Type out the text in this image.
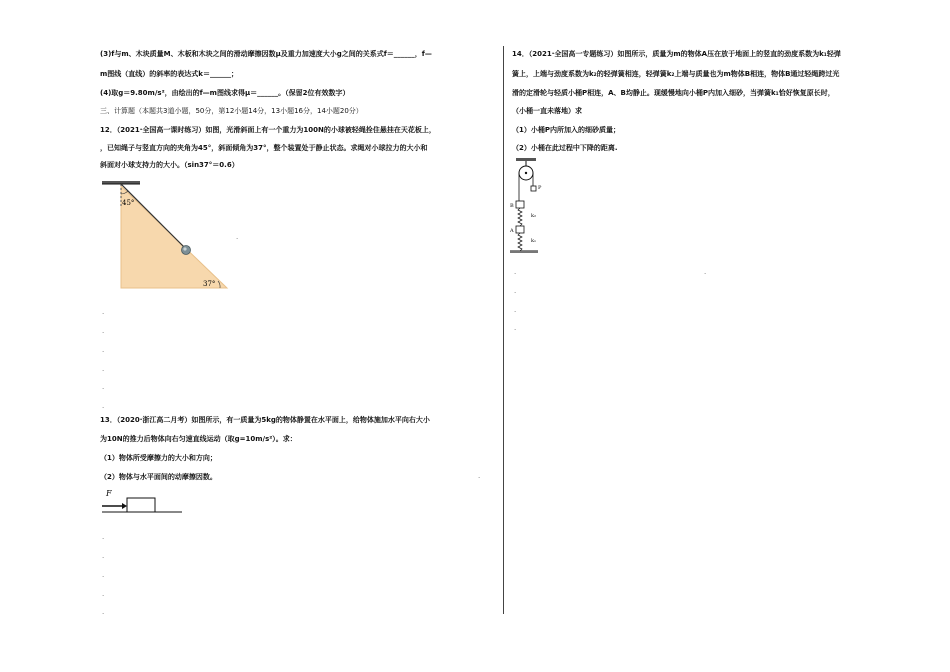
(3)f与m、木块质量M、木板和木块之间的滑动摩擦因数μ及重力加速度大小g之间的关系式f＝______，f—
m图线（直线）的斜率的表达式k＝______；
(4)取g＝9.80m/s²，由绘出的f—m图线求得μ＝______。（保留2位有效数字）
三、计算题（本题共3道小题，50分，第12小题14分，13小题16分，14小题20分）
12．（2021·全国高一课时练习）如图，光滑斜面上有一个重力为100N的小球被轻绳拴住悬挂在天花板上，
，已知绳子与竖直方向的夹角为45°，斜面倾角为37°，整个装置处于静止状态。求绳对小球拉力的大小和
斜面对小球支持力的大小。（sin37°＝0.6）
13．（2020·浙江高二月考）如图所示，有一质量为5kg的物体静置在水平面上，给物体施加水平向右大小
为10N的推力后物体向右匀速直线运动（取g=10m/s²）。求：
（1）物体所受摩擦力的大小和方向；
（2）物体与水平面间的动摩擦因数。
45°
37°
F
14．（2021·全国高一专题练习）如图所示，质量为m的物体A压在放于地面上的竖直的劲度系数为k₁轻弹
簧上，上端与劲度系数为k₂的轻弹簧相连，轻弹簧k₂上端与质量也为m物体B相连，物体B通过轻绳跨过光
滑的定滑轮与轻质小桶P相连，A、B均静止。现缓慢地向小桶P内加入细砂，当弹簧k₁恰好恢复原长时，
（小桶一直未落地）求
（1）小桶P内所加入的细砂质量；
（2）小桶在此过程中下降的距离.
P
B
k₂
A
k₁
.
.
.
.
.
.
.
.
.
.
.
.
.
.
.
.
.
.
